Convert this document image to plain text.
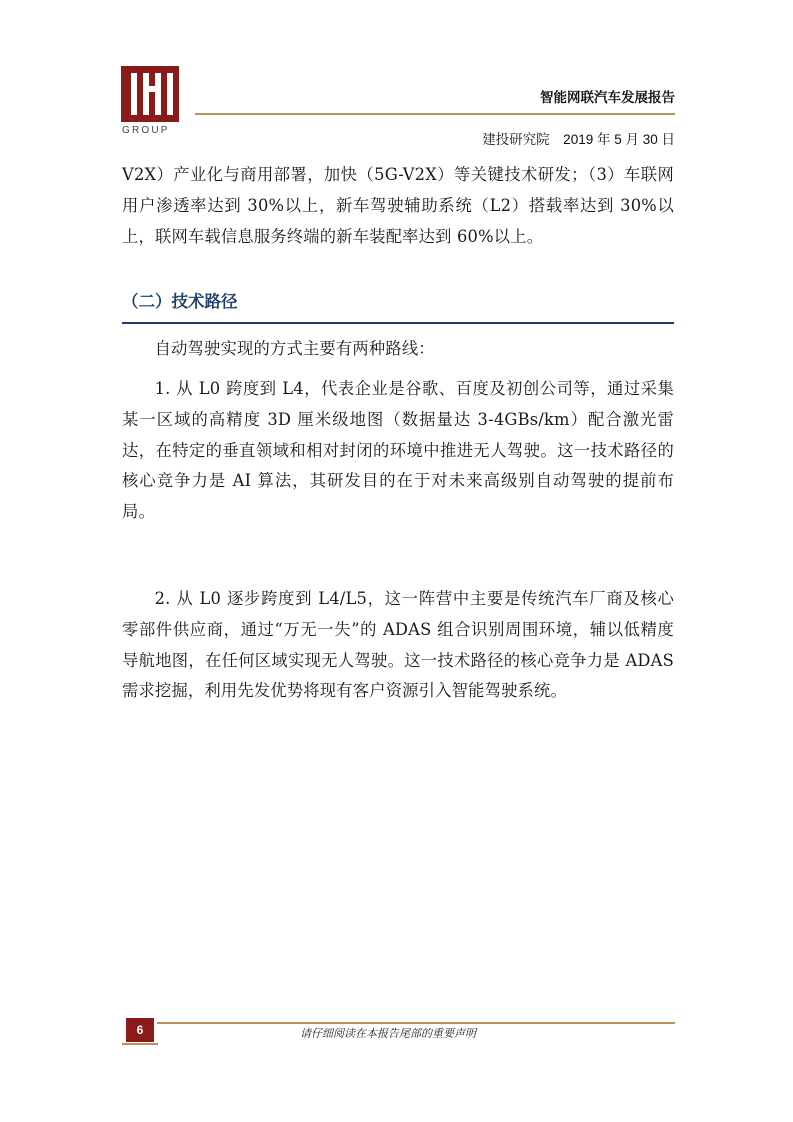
GROUP
智能网联汽车发展报告
建投研究院　2019 年 5 月 30 日

V2X）产业化与商用部署，加快（5G-V2X）等关键技术研发；（3）车联网用户渗透率达到 30%以上，新车驾驶辅助系统（L2）搭载率达到 30%以上，联网车载信息服务终端的新车装配率达到 60%以上。

（二）技术路径

自动驾驶实现的方式主要有两种路线：

1. 从 L0 跨度到 L4，代表企业是谷歌、百度及初创公司等，通过采集某一区域的高精度 3D 厘米级地图（数据量达 3-4GBs/km）配合激光雷达，在特定的垂直领域和相对封闭的环境中推进无人驾驶。这一技术路径的核心竞争力是 AI 算法，其研发目的在于对未来高级别自动驾驶的提前布局。

2. 从 L0 逐步跨度到 L4/L5，这一阵营中主要是传统汽车厂商及核心零部件供应商，通过“万无一失”的 ADAS 组合识别周围环境，辅以低精度导航地图，在任何区域实现无人驾驶。这一技术路径的核心竞争力是 ADAS 需求挖掘，利用先发优势将现有客户资源引入智能驾驶系统。

6	请仔细阅读在本报告尾部的重要声明
